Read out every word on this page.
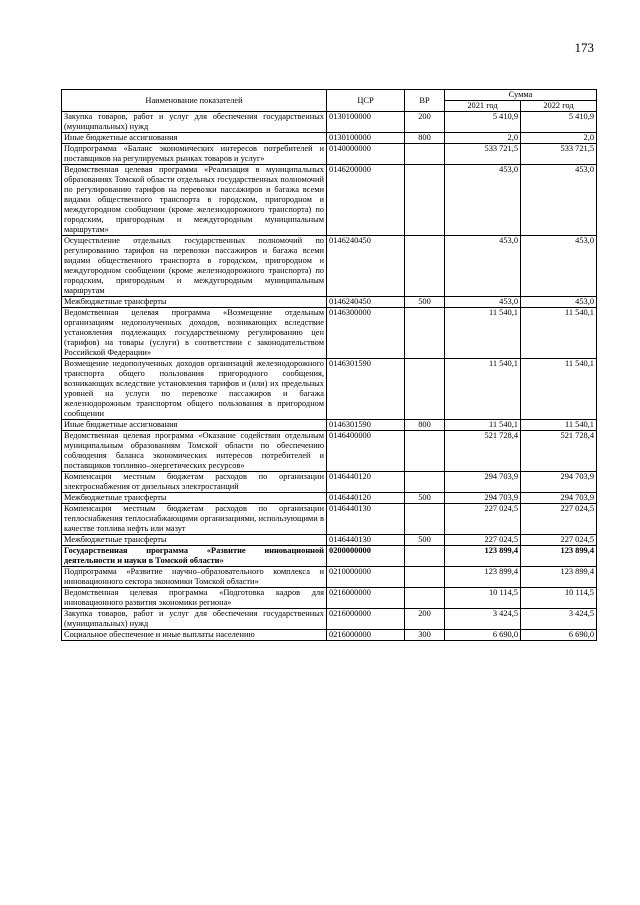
173
Наименование показателей	ЦСР	ВР	Сумма	
			2021 год	2022 год
Закупка товаров, работ и услуг для обеспечения государственных (муниципальных) нужд	0130100000	200	5 410,9	5 410,9
Иные бюджетные ассигнования	0130100000	800	2,0	2,0
Подпрограмма «Баланс экономических интересов потребителей и поставщиков на регулируемых рынках товаров и услуг»	0140000000		533 721,5	533 721,5
Ведомственная целевая программа «Реализация в муниципальных образованиях Томской области отдельных государственных полномочий по регулированию тарифов на перевозки пассажиров и багажа всеми видами общественного транспорта в городском, пригородном и междугородном сообщении (кроме железнодорожного транспорта) по городским, пригородным и междугородным муниципальным маршрутам»	0146200000		453,0	453,0
Осуществление отдельных государственных полномочий по регулированию тарифов на перевозки пассажиров и багажа всеми видами общественного транспорта в городском, пригородном и междугородном сообщении (кроме железнодорожного транспорта) по городским, пригородным и междугородным муниципальным маршрутам	0146240450		453,0	453,0
Межбюджетные трансферты	0146240450	500	453,0	453,0
Ведомственная целевая программа «Возмещение отдельным организациям недополученных доходов, возникающих вследствие установления подлежащих государственному регулированию цен (тарифов) на товары (услуги) в соответствии с законодательством Российской Федерации»	0146300000		11 540,1	11 540,1
Возмещение недополученных доходов организаций железнодорожного транспорта общего пользования пригородного сообщения, возникающих вследствие установления тарифов и (или) их предельных уровней на услуги по перевозке пассажиров и багажа железнодорожным транспортом общего пользования в пригородном сообщении	0146301590		11 540,1	11 540,1
Иные бюджетные ассигнования	0146301590	800	11 540,1	11 540,1
Ведомственная целевая программа «Оказание содействия отдельным муниципальным образованиям Томской области по обеспечению соблюдения баланса экономических интересов потребителей и поставщиков топливно–энергетических ресурсов»	0146400000		521 728,4	521 728,4
Компенсация местным бюджетам расходов по организации электроснабжения от дизельных электростанций	0146440120		294 703,9	294 703,9
Межбюджетные трансферты	0146440120	500	294 703,9	294 703,9
Компенсация местным бюджетам расходов по организации теплоснабжения теплоснабжающими организациями, использующими в качестве топлива нефть или мазут	0146440130		227 024,5	227 024,5
Межбюджетные трансферты	0146440130	500	227 024,5	227 024,5
Государственная программа «Развитие инновационной деятельности и науки в Томской области»	0200000000		123 899,4	123 899,4
Подпрограмма «Развитие научно–образовательного комплекса и инновационного сектора экономики Томской области»	0210000000		123 899,4	123 899,4
Ведомственная целевая программа «Подготовка кадров для инновационного развития экономики региона»	0216000000		10 114,5	10 114,5
Закупка товаров, работ и услуг для обеспечения государственных (муниципальных) нужд	0216000000	200	3 424,5	3 424,5
Социальное обеспечение и иные выплаты населению	0216000000	300	6 690,0	6 690,0
